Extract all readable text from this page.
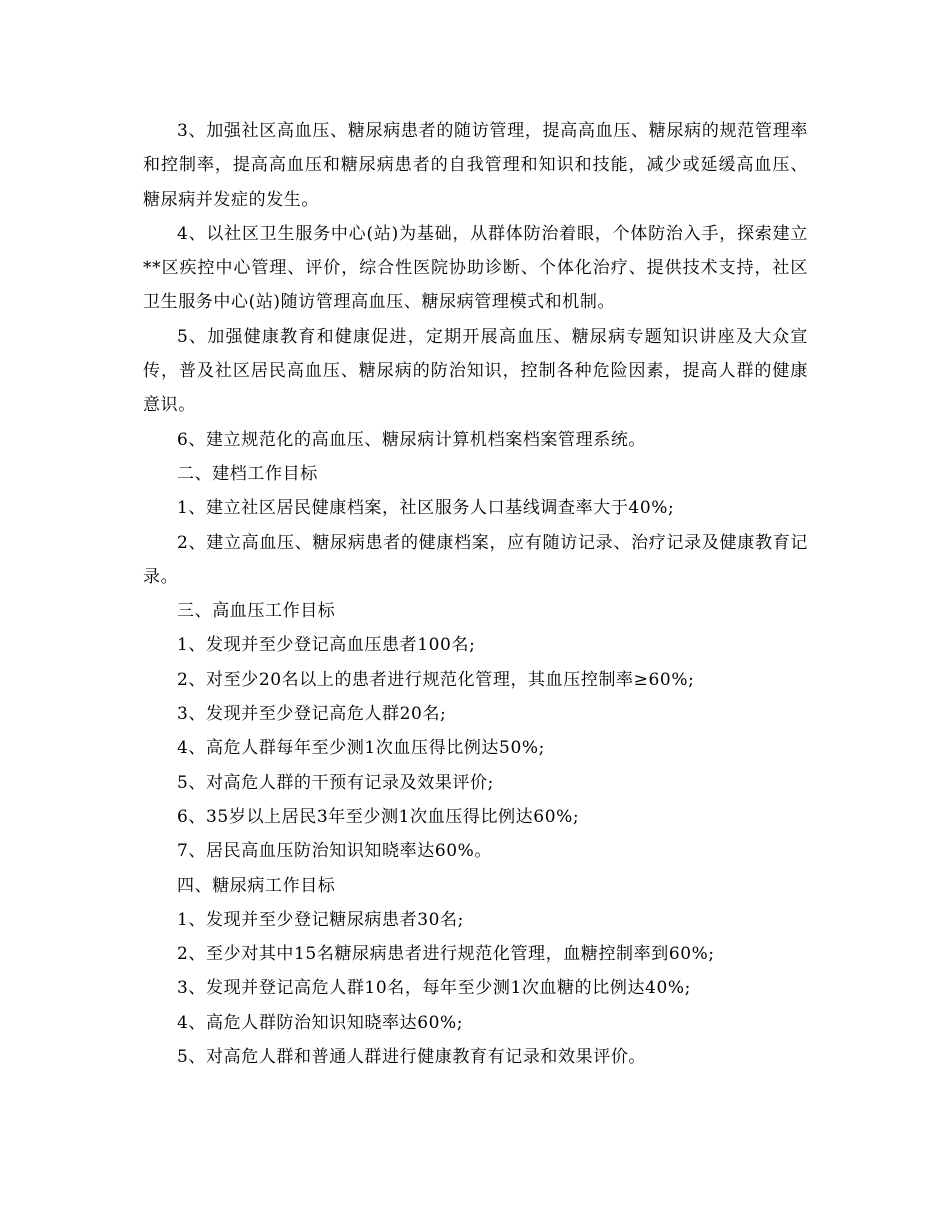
3、加强社区高血压、糖尿病患者的随访管理，提高高血压、糖尿病的规范管理率和控制率，提高高血压和糖尿病患者的自我管理和知识和技能，减少或延缓高血压、糖尿病并发症的发生。

4、以社区卫生服务中心(站)为基础，从群体防治着眼，个体防治入手，探索建立**区疾控中心管理、评价，综合性医院协助诊断、个体化治疗、提供技术支持，社区卫生服务中心(站)随访管理高血压、糖尿病管理模式和机制。

5、加强健康教育和健康促进，定期开展高血压、糖尿病专题知识讲座及大众宣传，普及社区居民高血压、糖尿病的防治知识，控制各种危险因素，提高人群的健康意识。

6、建立规范化的高血压、糖尿病计算机档案档案管理系统。

二、建档工作目标

1、建立社区居民健康档案，社区服务人口基线调查率大于40%;

2、建立高血压、糖尿病患者的健康档案，应有随访记录、治疗记录及健康教育记录。

三、高血压工作目标

1、发现并至少登记高血压患者100名;

2、对至少20名以上的患者进行规范化管理，其血压控制率≥60%;

3、发现并至少登记高危人群20名;

4、高危人群每年至少测1次血压得比例达50%;

5、对高危人群的干预有记录及效果评价;

6、35岁以上居民3年至少测1次血压得比例达60%;

7、居民高血压防治知识知晓率达60%。

四、糖尿病工作目标

1、发现并至少登记糖尿病患者30名;

2、至少对其中15名糖尿病患者进行规范化管理，血糖控制率到60%;

3、发现并登记高危人群10名，每年至少测1次血糖的比例达40%;

4、高危人群防治知识知晓率达60%;

5、对高危人群和普通人群进行健康教育有记录和效果评价。
